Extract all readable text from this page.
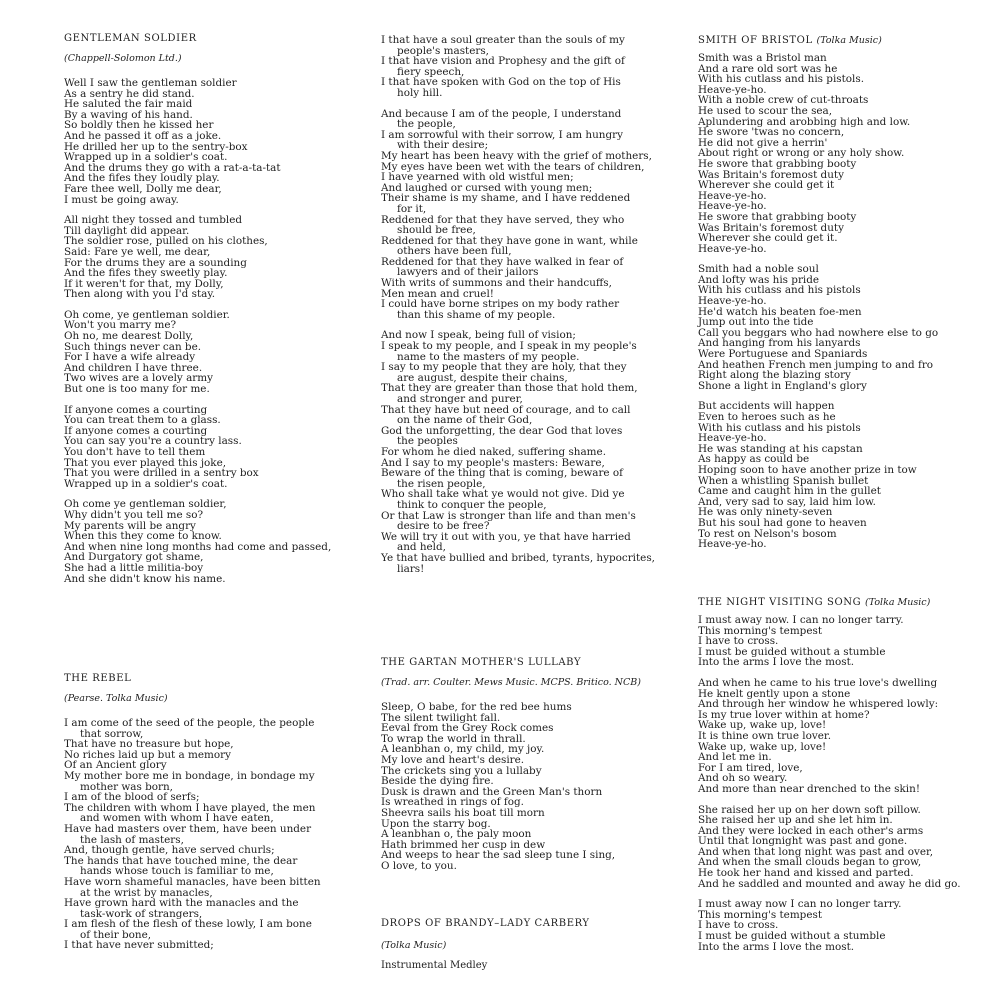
GENTLEMAN SOLDIER
(Chappell-Solomon Ltd.)
Well I saw the gentleman soldier
As a sentry he did stand.
He saluted the fair maid
By a waving of his hand.
So boldly then he kissed her
And he passed it off as a joke.
He drilled her up to the sentry-box
Wrapped up in a soldier's coat.
And the drums they go with a rat-a-ta-tat
And the fifes they loudly play.
Fare thee well, Dolly me dear,
I must be going away.
All night they tossed and tumbled
Till daylight did appear.
The soldier rose, pulled on his clothes,
Said: Fare ye well, me dear,
For the drums they are a sounding
And the fifes they sweetly play.
If it weren't for that, my Dolly,
Then along with you I'd stay.
Oh come, ye gentleman soldier.
Won't you marry me?
Oh no, me dearest Dolly,
Such things never can be.
For I have a wife already
And children I have three.
Two wives are a lovely army
But one is too many for me.
If anyone comes a courting
You can treat them to a glass.
If anyone comes a courting
You can say you're a country lass.
You don't have to tell them
That you ever played this joke,
That you were drilled in a sentry box
Wrapped up in a soldier's coat.
Oh come ye gentleman soldier,
Why didn't you tell me so?
My parents will be angry
When this they come to know.
And when nine long months had come and passed,
And Durgatory got shame,
She had a little militia-boy
And she didn't know his name.
THE REBEL
(Pearse. Tolka Music)
I am come of the seed of the people, the people
that sorrow,
That have no treasure but hope,
No riches laid up but a memory
Of an Ancient glory
My mother bore me in bondage, in bondage my
mother was born,
I am of the blood of serfs;
The children with whom I have played, the men
and women with whom I have eaten,
Have had masters over them, have been under
the lash of masters,
And, though gentle, have served churls;
The hands that have touched mine, the dear
hands whose touch is familiar to me,
Have worn shameful manacles, have been bitten
at the wrist by manacles,
Have grown hard with the manacles and the
task-work of strangers,
I am flesh of the flesh of these lowly, I am bone
of their bone,
I that have never submitted;
I that have a soul greater than the souls of my
people's masters,
I that have vision and Prophesy and the gift of
fiery speech,
I that have spoken with God on the top of His
holy hill.
And because I am of the people, I understand
the people,
I am sorrowful with their sorrow, I am hungry
with their desire;
My heart has been heavy with the grief of mothers,
My eyes have been wet with the tears of children,
I have yearned with old wistful men;
And laughed or cursed with young men;
Their shame is my shame, and I have reddened
for it,
Reddened for that they have served, they who
should be free,
Reddened for that they have gone in want, while
others have been full,
Reddened for that they have walked in fear of
lawyers and of their jailors
With writs of summons and their handcuffs,
Men mean and cruel!
I could have borne stripes on my body rather
than this shame of my people.
And now I speak, being full of vision;
I speak to my people, and I speak in my people's
name to the masters of my people.
I say to my people that they are holy, that they
are august, despite their chains,
That they are greater than those that hold them,
and stronger and purer,
That they have but need of courage, and to call
on the name of their God,
God the unforgetting, the dear God that loves
the peoples
For whom he died naked, suffering shame.
And I say to my people's masters: Beware,
Beware of the thing that is coming, beware of
the risen people,
Who shall take what ye would not give. Did ye
think to conquer the people,
Or that Law is stronger than life and than men's
desire to be free?
We will try it out with you, ye that have harried
and held,
Ye that have bullied and bribed, tyrants, hypocrites,
liars!
THE GARTAN MOTHER'S LULLABY
(Trad. arr. Coulter. Mews Music. MCPS. Britico. NCB)
Sleep, O babe, for the red bee hums
The silent twilight fall.
Eeval from the Grey Rock comes
To wrap the world in thrall.
A leanbhan o, my child, my joy.
My love and heart's desire.
The crickets sing you a lullaby
Beside the dying fire.
Dusk is drawn and the Green Man's thorn
Is wreathed in rings of fog.
Sheevra sails his boat till morn
Upon the starry bog.
A leanbhan o, the paly moon
Hath brimmed her cusp in dew
And weeps to hear the sad sleep tune I sing,
O love, to you.
DROPS OF BRANDY–LADY CARBERY
(Tolka Music)
Instrumental Medley
SMITH OF BRISTOL (Tolka Music)
Smith was a Bristol man
And a rare old sort was he
With his cutlass and his pistols.
Heave-ye-ho.
With a noble crew of cut-throats
He used to scour the sea,
Aplundering and arobbing high and low.
He swore 'twas no concern,
He did not give a herrin'
About right or wrong or any holy show.
He swore that grabbing booty
Was Britain's foremost duty
Wherever she could get it
Heave-ye-ho.
Heave-ye-ho.
He swore that grabbing booty
Was Britain's foremost duty
Wherever she could get it.
Heave-ye-ho.
Smith had a noble soul
And lofty was his pride
With his cutlass and his pistols
Heave-ye-ho.
He'd watch his beaten foe-men
Jump out into the tide
Call you beggars who had nowhere else to go
And hanging from his lanyards
Were Portuguese and Spaniards
And heathen French men jumping to and fro
Right along the blazing story
Shone a light in England's glory
But accidents will happen
Even to heroes such as he
With his cutlass and his pistols
Heave-ye-ho.
He was standing at his capstan
As happy as could be
Hoping soon to have another prize in tow
When a whistling Spanish bullet
Came and caught him in the gullet
And, very sad to say, laid him low.
He was only ninety-seven
But his soul had gone to heaven
To rest on Nelson's bosom
Heave-ye-ho.
THE NIGHT VISITING SONG (Tolka Music)
I must away now. I can no longer tarry.
This morning's tempest
I have to cross.
I must be guided without a stumble
Into the arms I love the most.
And when he came to his true love's dwelling
He knelt gently upon a stone
And through her window he whispered lowly:
Is my true lover within at home?
Wake up, wake up, love!
It is thine own true lover.
Wake up, wake up, love!
And let me in.
For I am tired, love,
And oh so weary.
And more than near drenched to the skin!
She raised her up on her down soft pillow.
She raised her up and she let him in.
And they were locked in each other's arms
Until that longnight was past and gone.
And when that long night was past and over,
And when the small clouds began to grow,
He took her hand and kissed and parted.
And he saddled and mounted and away he did go.
I must away now I can no longer tarry.
This morning's tempest
I have to cross.
I must be guided without a stumble
Into the arms I love the most.
